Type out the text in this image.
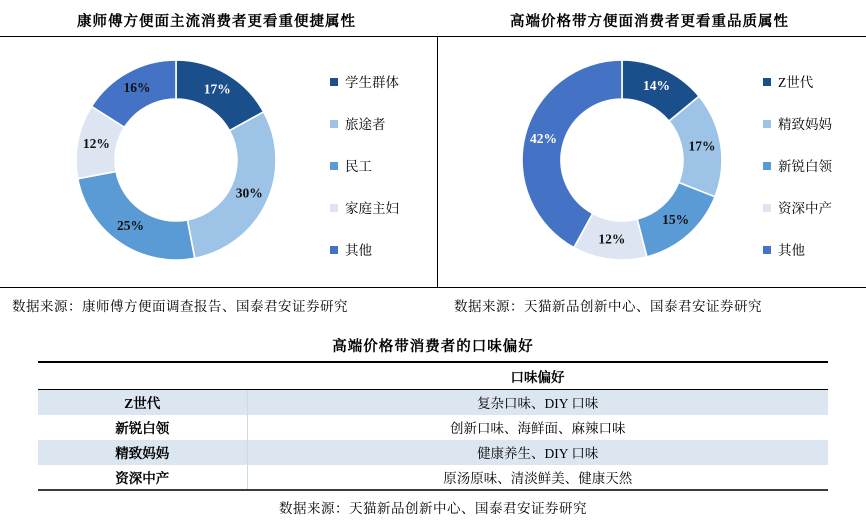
康师傅方便面主流消费者更看重便捷属性
17%
30%
25%
12%
16%	学生群体
旅途者
民工
家庭主妇
其他
数据来源：康师傅方便面调查报告、国泰君安证券研究
高端价格带方便面消费者更看重品质属性
14%
17%
15%
12%
42%
Z世代
精致妈妈
新锐白领
资深中产
其他
数据来源：天猫新品创新中心、国泰君安证券研究
高端价格带消费者的口味偏好
	口味偏好
Z世代	复杂口味、DIY 口味
新锐白领	创新口味、海鲜面、麻辣口味
精致妈妈	健康养生、DIY 口味
资深中产	原汤原味、清淡鲜美、健康天然
数据来源：天猫新品创新中心、国泰君安证券研究
